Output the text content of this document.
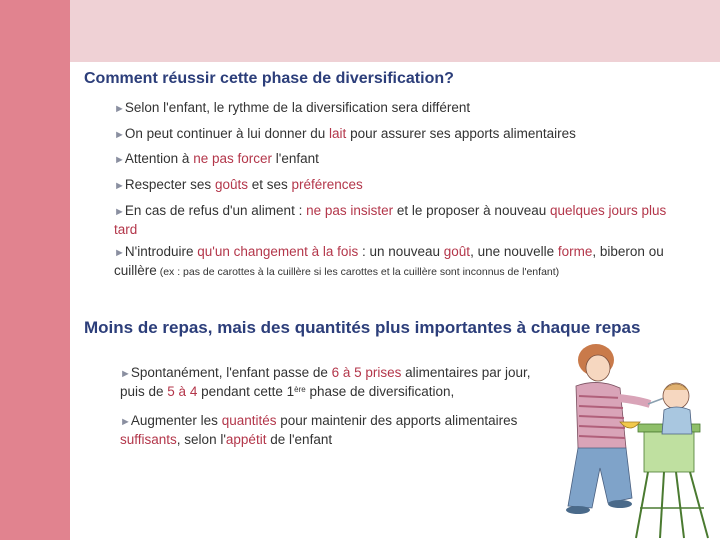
Comment réussir cette phase de diversification?
►Selon l'enfant, le rythme de la diversification sera différent
►On peut continuer à lui donner du lait pour assurer ses apports alimentaires
►Attention à ne pas forcer l'enfant
►Respecter ses goûts et ses préférences
►En cas de refus d'un aliment : ne pas insister et le proposer à nouveau quelques jours plus
tard
►N'introduire qu'un changement à la fois : un nouveau goût, une nouvelle forme, biberon ou
cuillère (ex : pas de carottes à la cuillère si les carottes et la cuillère sont inconnus de l'enfant)
Moins de repas, mais des quantités plus importantes à chaque repas
►Spontanément, l'enfant passe de 6 à 5 prises alimentaires par jour,
puis de 5 à 4 pendant cette 1ère phase de diversification,
►Augmenter les quantités pour maintenir des apports alimentaires
suffisants, selon l'appétit de l'enfant
